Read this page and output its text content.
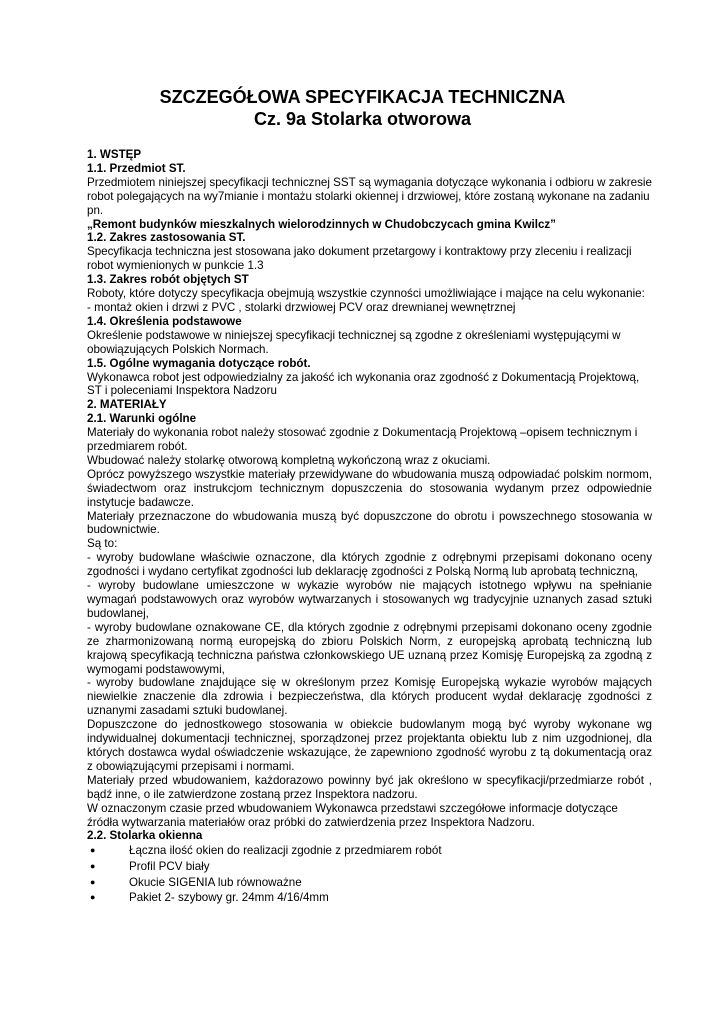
SZCZEGÓŁOWA SPECYFIKACJA TECHNICZNA
Cz. 9a Stolarka otworowa

1. WSTĘP

1.1. Przedmiot ST.

Przedmiotem niniejszej specyfikacji technicznej SST są wymagania dotyczące wykonania i odbioru w zakresie robot polegających na wy7mianie i montażu stolarki okiennej i drzwiowej, które zostaną wykonane na zadaniu pn.

„Remont budynków mieszkalnych wielorodzinnych w Chudobczycach gmina Kwilcz”

1.2. Zakres zastosowania ST.

Specyfikacja techniczna jest stosowana jako dokument przetargowy i kontraktowy przy zleceniu i realizacji robot wymienionych w punkcie 1.3

1.3. Zakres robót objętych ST

Roboty, które dotyczy specyfikacja obejmują wszystkie czynności umożliwiające i mające na celu wykonanie:

- montaż okien i drzwi z PVC , stolarki drzwiowej PCV oraz drewnianej wewnętrznej

1.4. Określenia podstawowe

Określenie podstawowe w niniejszej specyfikacji technicznej są zgodne z określeniami występującymi w obowiązujących Polskich Normach.

1.5. Ogólne wymagania dotyczące robót.

Wykonawca robot jest odpowiedzialny za jakość ich wykonania oraz zgodność z Dokumentacją Projektową, ST i poleceniami Inspektora Nadzoru

2. MATERIAŁY

2.1. Warunki ogólne

Materiały do wykonania robot należy stosować zgodnie z Dokumentacją Projektową –opisem technicznym i przedmiarem robót.

Wbudować należy stolarkę otworową kompletną wykończoną wraz z okuciami.

Oprócz powyższego wszystkie materiały przewidywane do wbudowania muszą odpowiadać polskim normom, świadectwom oraz instrukcjom technicznym dopuszczenia do stosowania wydanym przez odpowiednie instytucje badawcze.

Materiały przeznaczone do wbudowania muszą być dopuszczone do obrotu i powszechnego stosowania w budownictwie.

Są to:

- wyroby budowlane właściwie oznaczone, dla których zgodnie z odrębnymi przepisami dokonano oceny zgodności i wydano certyfikat zgodności lub deklarację zgodności z Polską Normą lub aprobatą techniczną,

- wyroby budowlane umieszczone w wykazie wyrobów nie mających istotnego wpływu na spełnianie wymagań podstawowych oraz wyrobów wytwarzanych i stosowanych wg tradycyjnie uznanych zasad sztuki budowlanej,

- wyroby budowlane oznakowane CE, dla których zgodnie z odrębnymi przepisami dokonano oceny zgodnie ze zharmonizowaną normą europejską do zbioru Polskich Norm, z europejską aprobatą techniczną lub krajową specyfikacją techniczna państwa członkowskiego UE uznaną przez Komisję Europejską za zgodną z wymogami podstawowymi,

- wyroby budowlane znajdujące się w określonym przez Komisję Europejską wykazie wyrobów mających niewielkie znaczenie dla zdrowia i bezpieczeństwa, dla których producent wydał deklarację zgodności z uznanymi zasadami sztuki budowlanej.

Dopuszczone do jednostkowego stosowania w obiekcie budowlanym mogą być wyroby wykonane wg indywidualnej dokumentacji technicznej, sporządzonej przez projektanta obiektu lub z nim uzgodnionej, dla których dostawca wydal oświadczenie wskazujące, że zapewniono zgodność wyrobu z tą dokumentacją oraz z obowiązującymi przepisami i normami.

Materiały przed wbudowaniem, każdorazowo powinny być jak określono w specyfikacji/przedmiarze robót , bądź inne, o ile zatwierdzone zostaną przez Inspektora nadzoru.

W oznaczonym czasie przed wbudowaniem Wykonawca przedstawi szczegółowe informacje dotyczące źródła wytwarzania materiałów oraz próbki do zatwierdzenia przez Inspektora Nadzoru.

2.2. Stolarka okienna

●	Łączna ilość okien do realizacji zgodnie z przedmiarem robót
●	Profil PCV biały
●	Okucie SIGENIA lub równoważne
●	Pakiet 2- szybowy gr. 24mm 4/16/4mm
